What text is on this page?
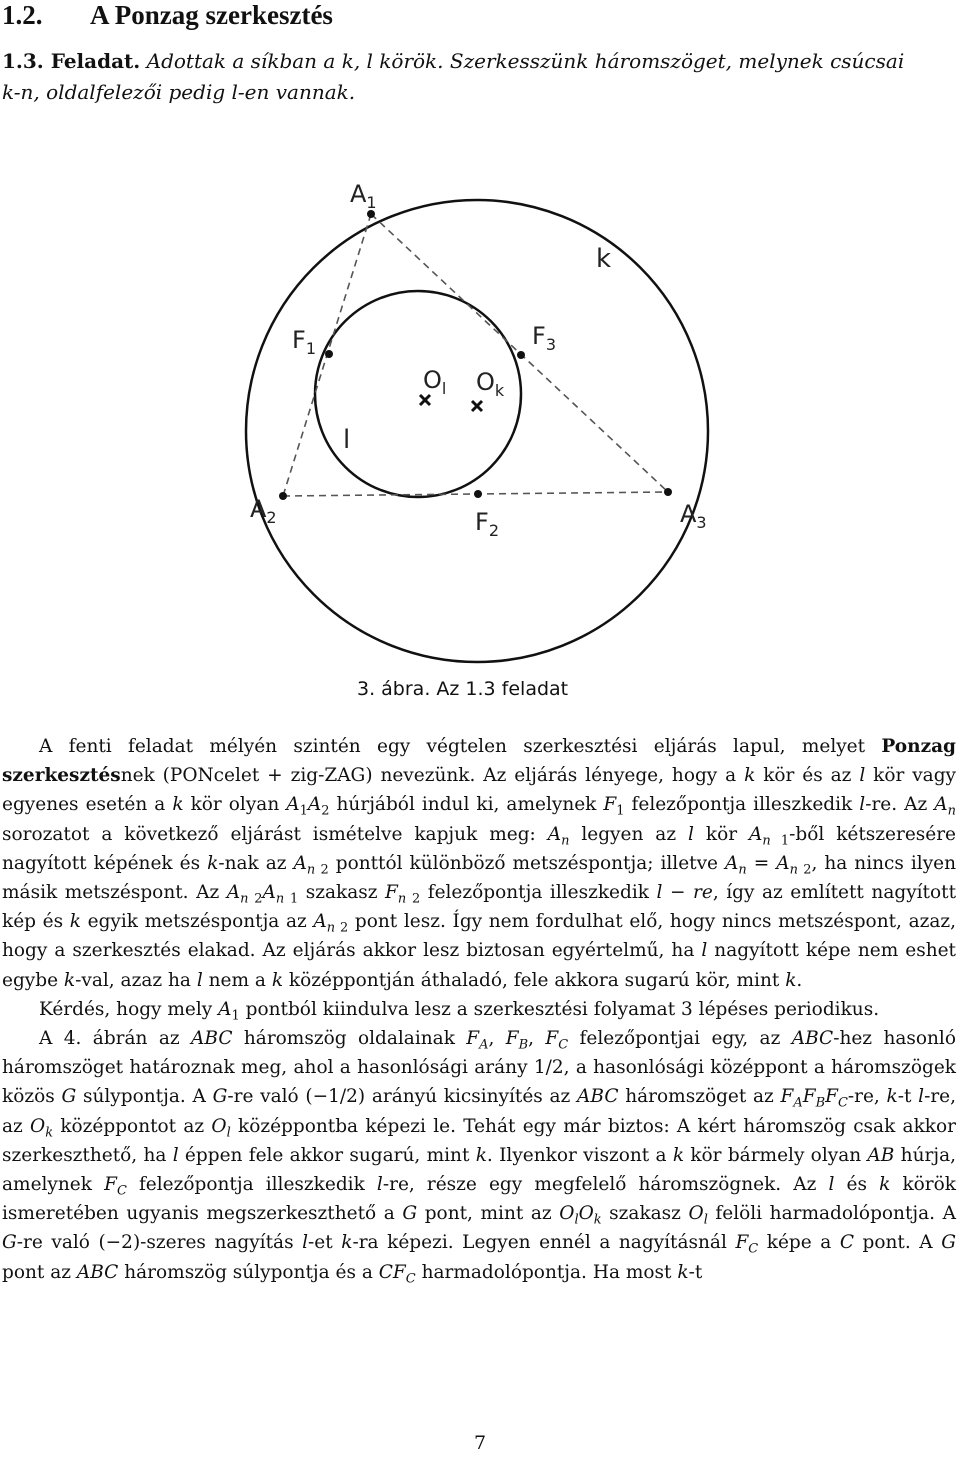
1.2. A Ponzag szerkesztés
1.3. Feladat. Adottak a síkban a k, l körök. Szerkesszünk háromszöget, melynek csúcsai
k-n, oldalfelezői pedig l-en vannak.
$A_1$
$A_2$	$A_3$
$F_1$
$F_2$
$F_3$
$O_l$ $O_k$
k
l
3. ábra. Az 1.3 feladat

A fenti feladat mélyén szintén egy végtelen szerkesztési eljárás lapul, melyet Ponzag szerkesztésnek (PONcelet + zig-ZAG) nevezünk. Az eljárás lényege, hogy a k kör és az l kör vagy egyenes esetén a k kör olyan $A_1A_2$ húrjából indul ki, amelynek $F_1$ felezőpontja illeszkedik l-re. Az $A_n$ sorozatot a következő eljárást ismételve kapjuk meg: $A_n$ legyen az l kör $A_{n 1}$-ből kétszeresére nagyított képének és k-nak az $A_{n 2}$ ponttól különböző metszéspontja; illetve $A_n = A_{n 2}$, ha nincs ilyen másik metszéspont. Az $A_{n 2}A_{n 1}$ szakasz $F_{n 2}$ felezőpontja illeszkedik l − re, így az említett nagyított kép és k egyik metszéspontja az $A_{n 2}$ pont lesz. Így nem fordulhat elő, hogy nincs metszéspont, azaz, hogy a szerkesztés elakad. Az eljárás akkor lesz biztosan egyértelmű, ha l nagyított képe nem eshet egybe k-val, azaz ha l nem a k középpontján áthaladó, fele akkora sugarú kör, mint k.

Kérdés, hogy mely $A_1$ pontból kiindulva lesz a szerkesztési folyamat 3 lépéses periodikus.

A 4. ábrán az ABC háromszög oldalainak $F_A$, $F_B$, $F_C$ felezőpontjai egy, az ABC-hez hasonló háromszöget határoznak meg, ahol a hasonlósági arány 1/2, a hasonlósági középpont a háromszögek közös G súlypontja. A G-re való (−1/2) arányú kicsinyítés az ABC háromszöget az $F_AF_BF_C-re$, k-t l-re, az $O_k$ középpontot az $O_l$ középpontba képezi le. Tehát egy már biztos: A kért háromszög csak akkor szerkeszthető, ha l éppen fele akkor sugarú, mint k. Ilyenkor viszont a k kör bármely olyan AB húrja, amelynek $F_C$ felezőpontja illeszkedik l-re, része egy megfelelő háromszögnek. Az l és k körök ismeretében ugyanis megszerkeszthető a G pont, mint az $O_lO_k$ szakasz $O_l$ felöli harmadolópontja. A G-re való (−2)-szeres nagyítás l-et k-ra képezi. Legyen ennél a nagyításnál $F_C$ képe a C pont. A G pont az ABC háromszög súlypontja és a $CF_C$ harmadolópontja. Ha most k-t

7
